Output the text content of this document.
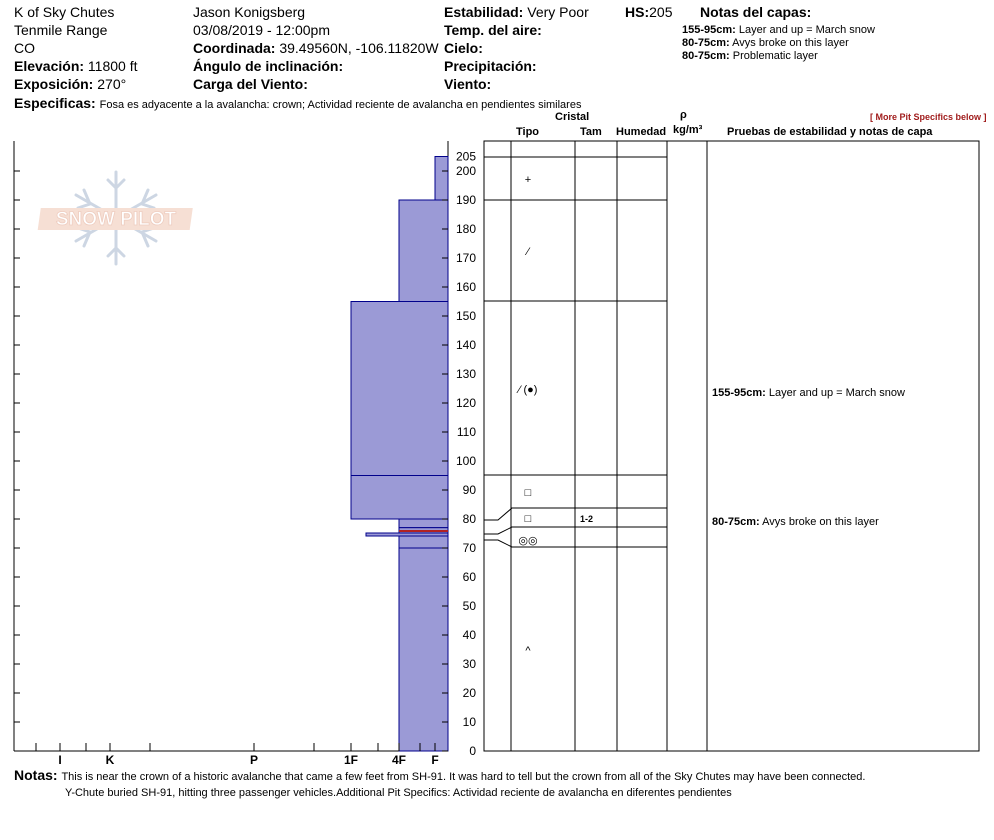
K of Sky Chutes
Tenmile Range
CO
Elevación: 11800 ft
Exposición: 270°
Jason Konigsberg
03/08/2019 - 12:00pm
Coordinada: 39.49560N, -106.11820W
Ángulo de inclinación:
Carga del Viento:
Estabilidad: Very Poor	HS:205
Temp. del aire:
Cielo:
Precipitación:
Viento:
Notas del capas:
155-95cm: Layer and up = March snow
80-75cm: Avys broke on this layer
80-75cm: Problematic layer
Especificas: Fosa es adyacente a la avalancha: crown; Actividad reciente de avalancha en pendientes similares
Cristal	ρ
Tipo	Tam Humedad kg/m³ Pruebas de estabilidad y notas de capa
[ More Pit Specifics below ]
SNOW PILOT
I	K	P	1F	4F F
205
200
190
180
170
160
150
140
130
120
110
100
90
80
70
60
50
40
30
20
10
0
+
⁄
⁄ (●)
□
□	1-2
◎◎
^
155-95cm: Layer and up = March snow
80-75cm: Avys broke on this layer
Notas: This is near the crown of a historic avalanche that came a few feet from SH-91. It was hard to tell but the crown from all of the Sky Chutes may have been connected.
Y-Chute buried SH-91, hitting three passenger vehicles.Additional Pit Specifics: Actividad reciente de avalancha en diferentes pendientes
